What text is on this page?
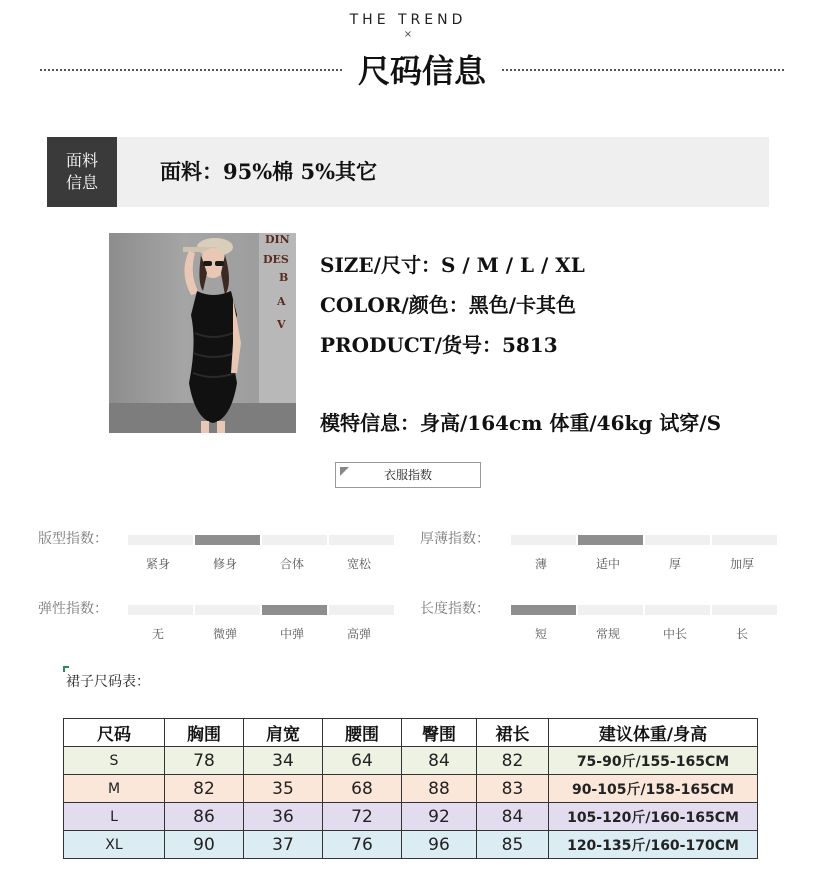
THE TREND
×
尺码信息
面料信息	面料：95%棉 5%其它
DIN
DES
B
A
V
SIZE/尺寸：S / M / L / XL
COLOR/颜色：黑色/卡其色
PRODUCT/货号：5813
模特信息：身高/164cm 体重/46kg 试穿/S
衣服指数
版型指数：
紧身	修身	合体	宽松
厚薄指数：
薄	适中	厚	加厚
弹性指数：
无	微弹	中弹	高弹
长度指数：
短	常规	中长	长
裙子尺码表：
尺码	胸围	肩宽	腰围	臀围	裙长	建议体重/身高
S	78	34	64	84	82	75-90斤/155-165CM
M	82	35	68	88	83	90-105斤/158-165CM
L	86	36	72	92	84	105-120斤/160-165CM
XL	90	37	76	96	85	120-135斤/160-170CM
